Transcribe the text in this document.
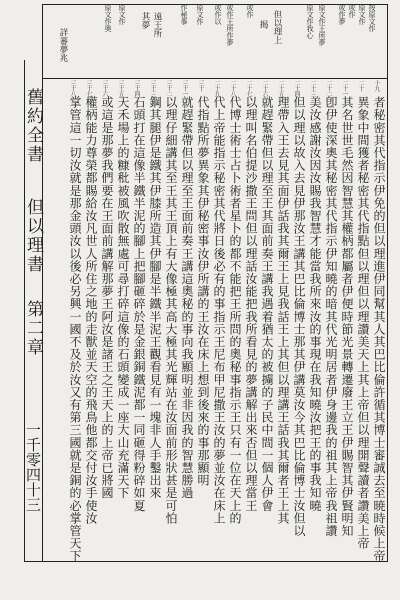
按原文作
原文作
或作
或作夢
原文作王所夢
原文作我心
但以理上
揭
或作
或作王所作夢
或作以
原文作
作秘事
遠王所
其夢
原文作
原文作奥
詳審夢兆
十九
二十
二十一
二十二
二十三
二十四
二十五
二十六
二十七
二十八
二十九
三十
三十一
三十二
三十三
三十四
三十五
三十六
三十七
三十八
者秘密其代指示伊免的但以理進伊同幫其人其巴比倫許循其博士審誠去至暁時候上帝
異象中間獲者秘密其代指點但以理但以理讚美天上其上帝但以理開聲讀者讚美上帝
其名世世毛然因智慧其權柄都屬者伊便時節光景轉遷廢王立王伊賜智其伊賢明知
卽伊使深奧其秘密其代指示伊知曉的暗其代光明居者伊身邊我的祖其上帝我祖讚
美汝感謝汝因汝賜我智慧才能當我所來汝的事現在我知曉汝把王的事我知曉
但以理以故入去見伊那汝王講其巴比倫博士那其伊講莫汝今其巴比倫博士汝但以
理帶入王去見其面伊話我其爾王上見我話王上其但以理講王話我其爾者王上其
就趕緊帶但以理至王其面前奏王講我遇着猶太的被擄的子民中間一個人伊會
以理叫名伯提沙撒王問但以理話汝能把我所看見的夢講解出來否但以理當王
代博士術士占卜術者星卜的都不能把王所問的奧秘事指示王只有一位在天上的
代上帝能指示秘密其代將日後必有的事指示王尼布甲尼撒王汝的夢並汝在床上
代指點所夢異象其伊秘密事汝伊所講的王汝在床上想到後來的事那顯明
就趕緊帶但以理至王面前奏王講這奧秘的事向我顯明並非因我的智慧勝過
以理仔細講其至王其王頂上有大像極其高大極其光輝站在汝面前形狀甚是可怕
鋼其腿伊是鐵其伊膝所造其伊腳是半鐵半泥王觀看見有一塊非人手鑿出來
石頭打在這像半鐵半泥的腳上把腳砸碎於是金銀銅鐵泥都一同砸得粉碎如夏
天禾場上的糠秕被風吹散無處可尋打碎這像的石頭變成一座大山充滿天下
或這是那夢我們要在王面前講解那夢王阿汝是諸王之王天上的上帝已將國
權柄能力尊榮都賜給汝凡世人所住之地的走獸並天空的飛鳥他都交付汝手使汝
掌管這一切汝就是那金頭汝以後必另興一國不及於汝又有第三國就是銅的必掌管天下
舊約全書
但以理書
第二章
一千零四十三
